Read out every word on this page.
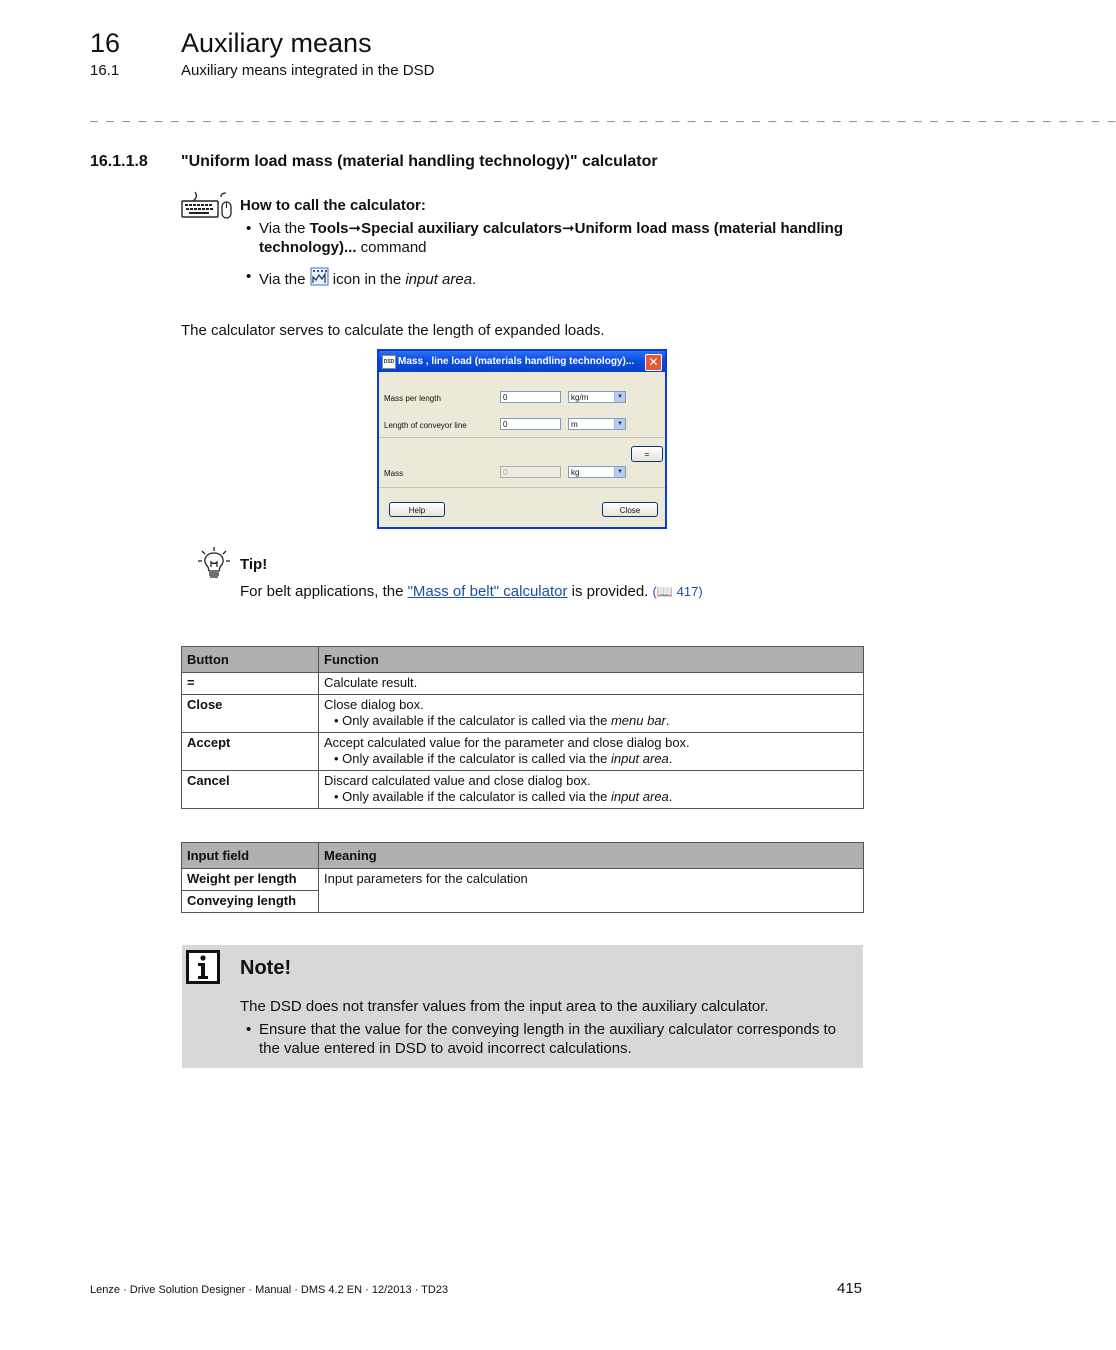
16 Auxiliary means
16.1	Auxiliary means integrated in the DSD
_ _ _ _ _ _ _ _ _ _ _ _ _ _ _ _ _ _ _ _ _ _ _ _ _ _ _ _ _ _ _ _ _ _ _ _ _ _ _ _ _ _ _ _ _ _ _ _ _ _ _ _ _ _ _ _ _ _ _ _ _ _ _ _
16.1.1.8 "Uniform load mass (material handling technology)" calculator
How to call the calculator:
• Via the Tools➞Special auxiliary calculators➞Uniform load mass (material handling technology)... command
• Via the  icon in the input area.
The calculator serves to calculate the length of expanded loads.
DSD Mass , line load (materials handling technology)... ✕
Mass per length	0	kg/m	▼
Length of conveyor line	0	m	▼
=
Mass	0	kg	▼
Help	Close
Tip!
For belt applications, the "Mass of belt" calculator is provided. (📖 417)
Button	Function
=	Calculate result.

Close	Close dialog box.
• Only available if the calculator is called via the menu bar.

Accept	Accept calculated value for the parameter and close dialog box.
• Only available if the calculator is called via the input area.

Cancel	Discard calculated value and close dialog box.
• Only available if the calculator is called via the input area.
Input field	Meaning
Weight per length	Input parameters for the calculation
Conveying length	
Note!
The DSD does not transfer values from the input area to the auxiliary calculator.
• Ensure that the value for the conveying length in the auxiliary calculator corresponds to the value entered in DSD to avoid incorrect calculations.
Lenze · Drive Solution Designer · Manual · DMS 4.2 EN · 12/2013 · TD23	415
